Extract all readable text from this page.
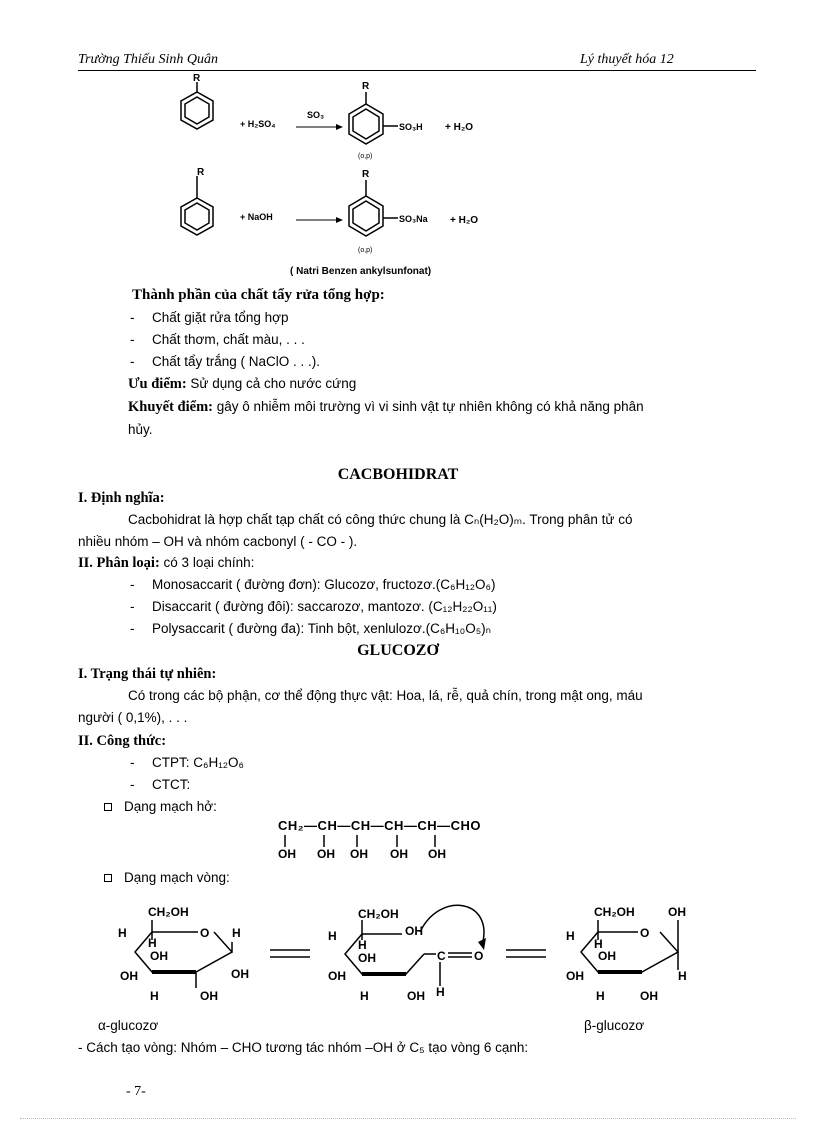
Trường Thiếu Sinh Quân	Lý thuyết hóa 12
R
+ H₂SO₄
SO₃
R
SO₃H + H₂O
(o,p)
R
+ NaOH
R
SO₃Na + H₂O
(o,p)
( Natri Benzen ankylsunfonat)
Thành phần của chất tẩy rửa tổng hợp:
- Chất giặt rửa tổng hợp
- Chất thơm, chất màu, . . .
- Chất tẩy trắng ( NaClO . . .).
Ưu điểm: Sử dụng cả cho nước cứng
Khuyết điểm: gây ô nhiễm môi trường vì vi sinh vật tự nhiên không có khả năng phân
hủy.
CACBOHIDRAT
I. Định nghĩa:
Cacbohidrat là hợp chất tạp chất có công thức chung là Cₙ(H₂O)ₘ. Trong phân tử có
nhiều nhóm – OH và nhóm cacbonyl ( - CO - ).
II. Phân loại: có 3 loại chính:
- Monosaccarit ( đường đơn): Glucozơ, fructozơ.(C₆H₁₂O₆)
- Disaccarit ( đường đôi): saccarozơ, mantozơ. (C₁₂H₂₂O₁₁)
- Polysaccarit ( đường đa): Tinh bột, xenlulozơ.(C₆H₁₀O₅)ₙ
GLUCOZƠ
I. Trạng thái tự nhiên:
Có trong các bộ phận, cơ thể động thực vật: Hoa, lá, rễ, quả chín, trong mật ong, máu
người ( 0,1%), . . .
II. Công thức:
- CTPT: C₆H₁₂O₆
- CTCT:
Dạng mạch hở:
CH₂—CH—CH—CH—CH—CHO
OH OH OH OH OH
Dạng mạch vòng:
CH₂OH
H	O H
H
OH
OH	OH
H	OH
CH₂OH
H	OH
H
OH
OH
C O
H	OH H
CH₂OH	OH
H	O
H
OH
OH	H
H	OH
α-glucozơ	β-glucozơ
- Cách tạo vòng: Nhóm – CHO tương tác nhóm –OH ở C₅ tạo vòng 6 cạnh:
- 7-
